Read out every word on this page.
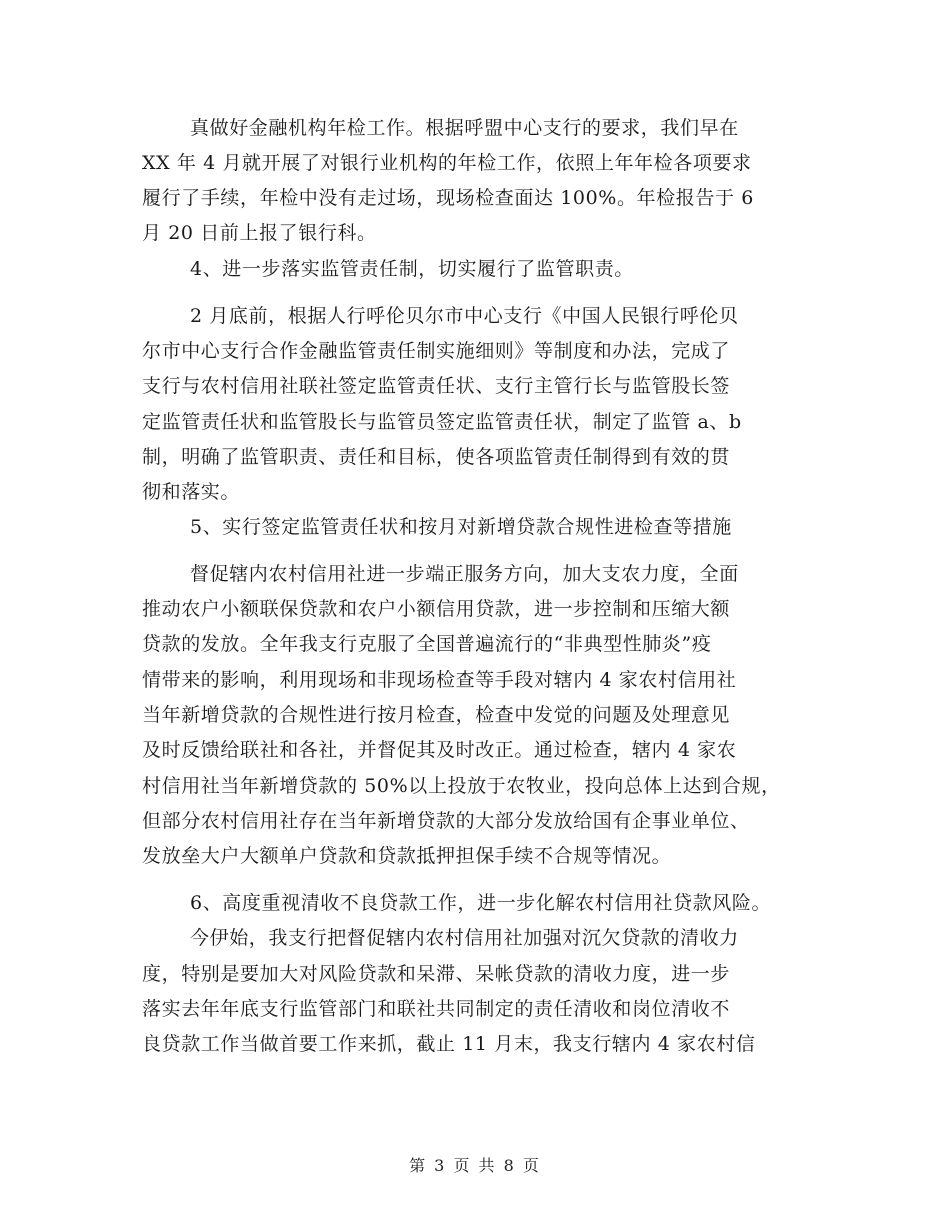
真做好金融机构年检工作。根据呼盟中心支行的要求，我们早在
XX 年 4 月就开展了对银行业机构的年检工作，依照上年年检各项要求
履行了手续，年检中没有走过场，现场检查面达 100%。年检报告于 6
月 20 日前上报了银行科。
4、进一步落实监管责任制，切实履行了监管职责。
2 月底前，根据人行呼伦贝尔市中心支行《中国人民银行呼伦贝
尔市中心支行合作金融监管责任制实施细则》等制度和办法，完成了
支行与农村信用社联社签定监管责任状、支行主管行长与监管股长签
定监管责任状和监管股长与监管员签定监管责任状，制定了监管 a、b
制，明确了监管职责、责任和目标，使各项监管责任制得到有效的贯
彻和落实。
5、实行签定监管责任状和按月对新增贷款合规性进检查等措施
督促辖内农村信用社进一步端正服务方向，加大支农力度，全面
推动农户小额联保贷款和农户小额信用贷款，进一步控制和压缩大额
贷款的发放。全年我支行克服了全国普遍流行的“非典型性肺炎”疫
情带来的影响，利用现场和非现场检查等手段对辖内 4 家农村信用社
当年新增贷款的合规性进行按月检查，检查中发觉的问题及处理意见
及时反馈给联社和各社，并督促其及时改正。通过检查，辖内 4 家农
村信用社当年新增贷款的 50%以上投放于农牧业，投向总体上达到合规，
但部分农村信用社存在当年新增贷款的大部分发放给国有企事业单位、
发放垒大户大额单户贷款和贷款抵押担保手续不合规等情况。
6、高度重视清收不良贷款工作，进一步化解农村信用社贷款风险。
今伊始，我支行把督促辖内农村信用社加强对沉欠贷款的清收力
度，特别是要加大对风险贷款和呆滞、呆帐贷款的清收力度，进一步
落实去年年底支行监管部门和联社共同制定的责任清收和岗位清收不
良贷款工作当做首要工作来抓，截止 11 月末，我支行辖内 4 家农村信
第 3 页 共 8 页
